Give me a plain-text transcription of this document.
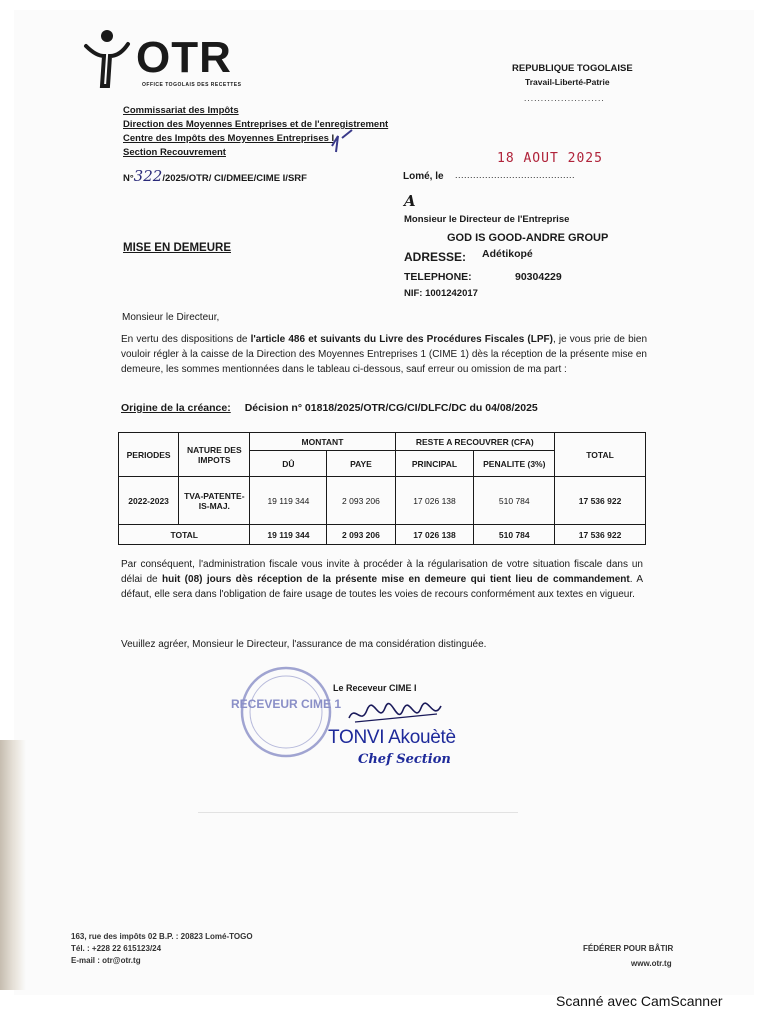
OTR
OFFICE TOGOLAIS DES RECETTES
REPUBLIQUE TOGOLAISE
Travail-Liberté-Patrie
........................
Commissariat des Impôts
Direction des Moyennes Entreprises et de l'enregistrement
Centre des Impôts des Moyennes Entreprises I
Section Recouvrement
N°322/2025/OTR/ CI/DMEE/CIME I/SRF
18 AOUT 2025
Lomé, le ........................................
A
Monsieur le Directeur de l'Entreprise
GOD IS GOOD-ANDRE GROUP
ADRESSE: Adétikopé
TELEPHONE:	90304229
NIF: 1001242017
MISE EN DEMEURE
Monsieur le Directeur,
En vertu des dispositions de l'article 486 et suivants du Livre des Procédures Fiscales (LPF), je vous prie de bien vouloir régler à la caisse de la Direction des Moyennes Entreprises 1 (CIME 1) dès la réception de la présente mise en demeure, les sommes mentionnées dans le tableau ci-dessous, sauf erreur ou omission de ma part :
Origine de la créance: Décision n° 01818/2025/OTR/CG/CI/DLFC/DC du 04/08/2025
PERIODES	NATURE DES IMPOTS	MONTANT		RESTE A RECOUVRER (CFA)		TOTAL
		DÛ	PAYE	PRINCIPAL	PENALITE (3%)	
2022-2023	TVA-PATENTE-IS-MAJ.	19 119 344	2 093 206	17 026 138	510 784	17 536 922
TOTAL		19 119 344	2 093 206	17 026 138	510 784	17 536 922
Par conséquent, l'administration fiscale vous invite à procéder à la régularisation de votre situation fiscale dans un délai de huit (08) jours dès réception de la présente mise en demeure qui tient lieu de commandement. A défaut, elle sera dans l'obligation de faire usage de toutes les voies de recours conformément aux textes en vigueur.
Veuillez agréer, Monsieur le Directeur, l'assurance de ma considération distinguée.
RECEVEUR CIME 1
Le Receveur CIME I
TONVI Akouètè
Chef Section
163, rue des impôts 02 B.P. : 20823 Lomé-TOGO
Tél. : +228 22 615123/24
E-mail : otr@otr.tg
FÉDÉRER POUR BÂTIR
www.otr.tg
Scanné avec CamScanner
